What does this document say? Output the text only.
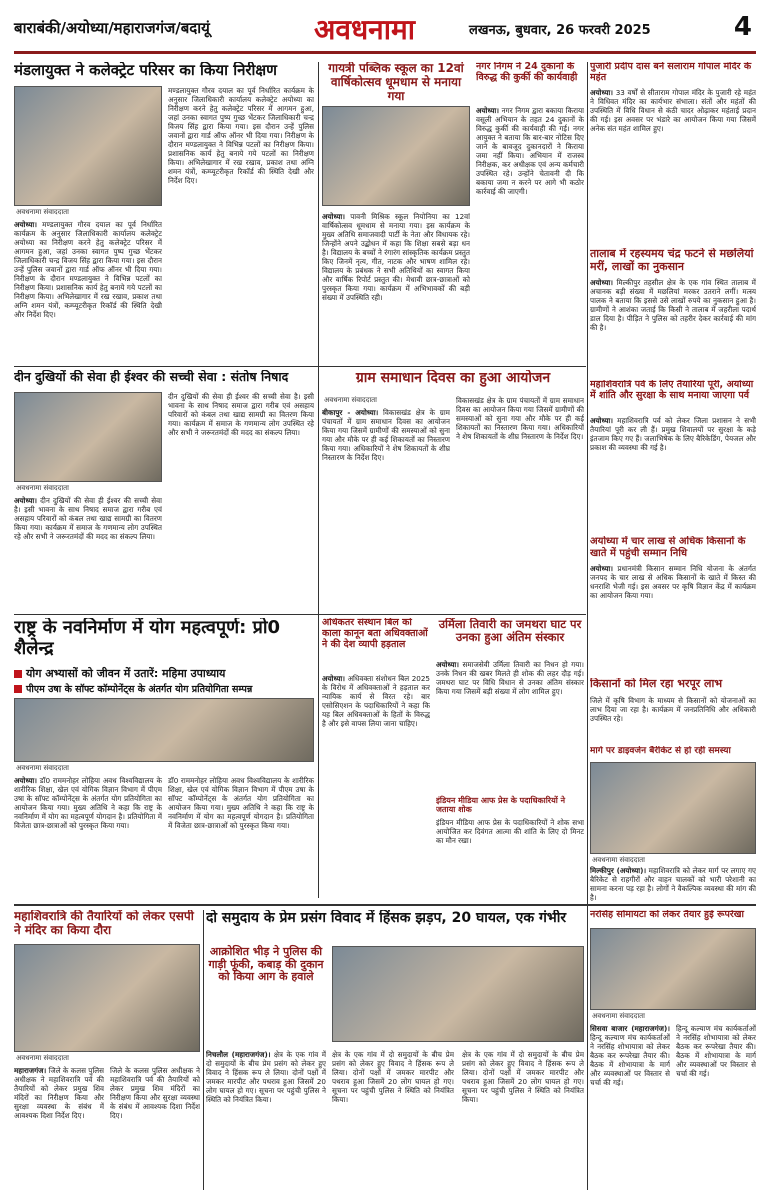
बाराबंकी/अयोध्या/महाराजगंज/बदायूं	अवधनामा	लखनऊ, बुधवार, 26 फरवरी 2025	4
मंडलायुक्त ने कलेक्ट्रेट परिसर का किया निरीक्षण
अवधनामा संवाददाता
अयोध्या। मण्डलायुक्त गौरव दयाल का पूर्व निर्धारित कार्यक्रम के अनुसार जिलाधिकारी कार्यालय कलेक्ट्रेट अयोध्या का निरीक्षण करने हेतु कलेक्ट्रेट परिसर में आगमन हुआ, जहां उनका स्वागत पुष्प गुच्छ भेंटकर जिलाधिकारी चन्द्र विजय सिंह द्वारा किया गया। इस दौरान उन्हें पुलिस जवानों द्वारा गार्ड ऑफ ऑनर भी दिया गया। निरीक्षण के दौरान मण्डलायुक्त ने विभिन्न पटलों का निरीक्षण किया। प्रशासनिक कार्य हेतु बनाये गये पटलों का निरीक्षण किया। अभिलेखागार में रख रखाव, प्रकाश तथा अग्नि शमन यंत्रों, कम्प्यूटरीकृत रिकॉर्ड की स्थिति देखी और निर्देश दिए।
मण्डलायुक्त गौरव दयाल का पूर्व निर्धारित कार्यक्रम के अनुसार जिलाधिकारी कार्यालय कलेक्ट्रेट अयोध्या का निरीक्षण करने हेतु कलेक्ट्रेट परिसर में आगमन हुआ, जहां उनका स्वागत पुष्प गुच्छ भेंटकर जिलाधिकारी चन्द्र विजय सिंह द्वारा किया गया। इस दौरान उन्हें पुलिस जवानों द्वारा गार्ड ऑफ ऑनर भी दिया गया। निरीक्षण के दौरान मण्डलायुक्त ने विभिन्न पटलों का निरीक्षण किया। प्रशासनिक कार्य हेतु बनाये गये पटलों का निरीक्षण किया। अभिलेखागार में रख रखाव, प्रकाश तथा अग्नि शमन यंत्रों, कम्प्यूटरीकृत रिकॉर्ड की स्थिति देखी और निर्देश दिए।
गायत्री पब्लिक स्कूल का 12वां वार्षिकोत्सव धूमधाम से मनाया गया
अयोध्या। पावनी मिश्रिक स्कूल नियोनिया का 12वां वार्षिकोत्सव धूमधाम से मनाया गया। इस कार्यक्रम के मुख्य अतिथि समाजवादी पार्टी के नेता और विधायक रहे। जिन्होंने अपने उद्बोधन में कहा कि शिक्षा सबसे बड़ा धन है। विद्यालय के बच्चों ने रंगारंग सांस्कृतिक कार्यक्रम प्रस्तुत किए जिनमें नृत्य, गीत, नाटक और भाषण शामिल रहे। विद्यालय के प्रबंधक ने सभी अतिथियों का स्वागत किया और वार्षिक रिपोर्ट प्रस्तुत की। मेधावी छात्र-छात्राओं को पुरस्कृत किया गया। कार्यक्रम में अभिभावकों की बड़ी संख्या में उपस्थिति रही।
नगर निगम ने 24 दुकानों के विरुद्ध की कुर्की की कार्यवाही
अयोध्या। नगर निगम द्वारा बकाया किराया वसूली अभियान के तहत 24 दुकानों के विरुद्ध कुर्की की कार्यवाही की गई। नगर आयुक्त ने बताया कि बार-बार नोटिस दिए जाने के बावजूद दुकानदारों ने किराया जमा नहीं किया। अभियान में राजस्व निरीक्षक, कर अधीक्षक एवं अन्य कर्मचारी उपस्थित रहे। उन्होंने चेतावनी दी कि बकाया जमा न करने पर आगे भी कठोर कार्रवाई की जाएगी।
पुजारी प्रदीप दास बने सलाराम गोपाल मंदिर के महंत
अयोध्या। 33 वर्षों से सीताराम गोपाल मंदिर के पुजारी रहे महंत ने विधिवत मंदिर का कार्यभार संभाला। संतों और महंतों की उपस्थिति में विधि विधान से कंठी चादर ओढ़ाकर महंताई प्रदान की गई। इस अवसर पर भंडारे का आयोजन किया गया जिसमें अनेक संत महंत शामिल हुए।
तालाब में रहस्यमय चंद्र फटने से मछलियां मरीं, लाखों का नुकसान
अयोध्या। मिल्कीपुर तहसील क्षेत्र के एक गांव स्थित तालाब में अचानक बड़ी संख्या में मछलियां मरकर उतराने लगीं। मत्स्य पालक ने बताया कि इससे उसे लाखों रुपये का नुकसान हुआ है। ग्रामीणों ने आशंका जताई कि किसी ने तालाब में जहरीला पदार्थ डाल दिया है। पीड़ित ने पुलिस को तहरीर देकर कार्रवाई की मांग की है।
महाशिवरात्रि पर्व के लिए तैयारियां पूरी, अयोध्या में शांति और सुरक्षा के साथ मनाया जाएगा पर्व
अयोध्या। महाशिवरात्रि पर्व को लेकर जिला प्रशासन ने सभी तैयारियां पूरी कर ली हैं। प्रमुख शिवालयों पर सुरक्षा के कड़े इंतजाम किए गए हैं। जलाभिषेक के लिए बैरिकेडिंग, पेयजल और प्रकाश की व्यवस्था की गई है।
अयोध्या में चार लाख से अधिक किसानों के खाते में पहुंची सम्मान निधि
अयोध्या। प्रधानमंत्री किसान सम्मान निधि योजना के अंतर्गत जनपद के चार लाख से अधिक किसानों के खाते में किस्त की धनराशि भेजी गई। इस अवसर पर कृषि विज्ञान केंद्र में कार्यक्रम का आयोजन किया गया।
किसानों को मिल रहा भरपूर लाभ
जिले में कृषि विभाग के माध्यम से किसानों को योजनाओं का लाभ दिया जा रहा है। कार्यक्रम में जनप्रतिनिधि और अधिकारी उपस्थित रहे।
मार्ग पर डाइवर्जन बैरीकेट से हो रही समस्या
अवधनामा संवाददाता
मिल्कीपुर (अयोध्या)। महाशिवरात्रि को लेकर मार्ग पर लगाए गए बैरिकेट से राहगीरों और वाहन चालकों को भारी परेशानी का सामना करना पड़ रहा है। लोगों ने वैकल्पिक व्यवस्था की मांग की है।
दीन दुखियों की सेवा ही ईश्वर की सच्ची सेवा : संतोष निषाद
अवधनामा संवाददाता
अयोध्या। दीन दुखियों की सेवा ही ईश्वर की सच्ची सेवा है। इसी भावना के साथ निषाद समाज द्वारा गरीब एवं असहाय परिवारों को कंबल तथा खाद्य सामग्री का वितरण किया गया। कार्यक्रम में समाज के गणमान्य लोग उपस्थित रहे और सभी ने जरूरतमंदों की मदद का संकल्प लिया।
दीन दुखियों की सेवा ही ईश्वर की सच्ची सेवा है। इसी भावना के साथ निषाद समाज द्वारा गरीब एवं असहाय परिवारों को कंबल तथा खाद्य सामग्री का वितरण किया गया। कार्यक्रम में समाज के गणमान्य लोग उपस्थित रहे और सभी ने जरूरतमंदों की मदद का संकल्प लिया।
ग्राम समाधान दिवस का हुआ आयोजन
अवधनामा संवाददाता
बीकापुर - अयोध्या। विकासखंड क्षेत्र के ग्राम पंचायतों में ग्राम समाधान दिवस का आयोजन किया गया जिसमें ग्रामीणों की समस्याओं को सुना गया और मौके पर ही कई शिकायतों का निस्तारण किया गया। अधिकारियों ने शेष शिकायतों के शीघ्र निस्तारण के निर्देश दिए।
विकासखंड क्षेत्र के ग्राम पंचायतों में ग्राम समाधान दिवस का आयोजन किया गया जिसमें ग्रामीणों की समस्याओं को सुना गया और मौके पर ही कई शिकायतों का निस्तारण किया गया। अधिकारियों ने शेष शिकायतों के शीघ्र निस्तारण के निर्देश दिए।
राष्ट्र के नवनिर्माण में योग महत्वपूर्ण: प्रो0 शैलेन्द्र
योग अभ्यासों को जीवन में उतारें: महिमा उपाध्याय
पीएम उषा के सॉफ्ट कॉम्पोनेंट्स के अंतर्गत योग प्रतियोगिता सम्पन्न
अवधनामा संवाददाता
अयोध्या। डॉ0 राममनोहर लोहिया अवध विश्वविद्यालय के शारीरिक शिक्षा, खेल एवं योगिक विज्ञान विभाग में पीएम उषा के सॉफ्ट कॉम्पोनेंट्स के अंतर्गत योग प्रतियोगिता का आयोजन किया गया। मुख्य अतिथि ने कहा कि राष्ट्र के नवनिर्माण में योग का महत्वपूर्ण योगदान है। प्रतियोगिता में विजेता छात्र-छात्राओं को पुरस्कृत किया गया।
डॉ0 राममनोहर लोहिया अवध विश्वविद्यालय के शारीरिक शिक्षा, खेल एवं योगिक विज्ञान विभाग में पीएम उषा के सॉफ्ट कॉम्पोनेंट्स के अंतर्गत योग प्रतियोगिता का आयोजन किया गया। मुख्य अतिथि ने कहा कि राष्ट्र के नवनिर्माण में योग का महत्वपूर्ण योगदान है। प्रतियोगिता में विजेता छात्र-छात्राओं को पुरस्कृत किया गया।
अधिकतर संस्थान बिल को काला कानून बता अधिवक्ताओं ने की देश व्यापी हड़ताल
अयोध्या। अधिवक्ता संशोधन बिल 2025 के विरोध में अधिवक्ताओं ने हड़ताल कर न्यायिक कार्य से विरत रहे। बार एसोसिएशन के पदाधिकारियों ने कहा कि यह बिल अधिवक्ताओं के हितों के विरुद्ध है और इसे वापस लिया जाना चाहिए।
उर्मिला तिवारी का जमथरा घाट पर उनका हुआ अंतिम संस्कार
अयोध्या। समाजसेवी उर्मिला तिवारी का निधन हो गया। उनके निधन की खबर मिलते ही शोक की लहर दौड़ गई। जमथरा घाट पर विधि विधान से उनका अंतिम संस्कार किया गया जिसमें बड़ी संख्या में लोग शामिल हुए।
इंडियन मीडिया आफ प्रेस के पदाधिकारियों ने जताया शोक
इंडियन मीडिया आफ प्रेस के पदाधिकारियों ने शोक सभा आयोजित कर दिवंगत आत्मा की शांति के लिए दो मिनट का मौन रखा।
महाशिवरात्रि की तैयारियों को लेकर एसपी ने मंदिर का किया दौरा
अवधनामा संवाददाता
महाराजगंज। जिले के कलस पुलिस अधीक्षक ने महाशिवरात्रि पर्व की तैयारियों को लेकर प्रमुख शिव मंदिरों का निरीक्षण किया और सुरक्षा व्यवस्था के संबंध में आवश्यक दिशा निर्देश दिए।
जिले के कलस पुलिस अधीक्षक ने महाशिवरात्रि पर्व की तैयारियों को लेकर प्रमुख शिव मंदिरों का निरीक्षण किया और सुरक्षा व्यवस्था के संबंध में आवश्यक दिशा निर्देश दिए।
दो समुदाय के प्रेम प्रसंग विवाद में हिंसक झड़प, 20 घायल, एक गंभीर
आक्रोशित भीड़ ने पुलिस की गाड़ी फूंकी, कबाड़ की दुकान को किया आग के हवाले
निचलौल (महाराजगंज)। क्षेत्र के एक गांव में दो समुदायों के बीच प्रेम प्रसंग को लेकर हुए विवाद ने हिंसक रूप ले लिया। दोनों पक्षों में जमकर मारपीट और पथराव हुआ जिसमें 20 लोग घायल हो गए। सूचना पर पहुंची पुलिस ने स्थिति को नियंत्रित किया।
क्षेत्र के एक गांव में दो समुदायों के बीच प्रेम प्रसंग को लेकर हुए विवाद ने हिंसक रूप ले लिया। दोनों पक्षों में जमकर मारपीट और पथराव हुआ जिसमें 20 लोग घायल हो गए। सूचना पर पहुंची पुलिस ने स्थिति को नियंत्रित किया।
क्षेत्र के एक गांव में दो समुदायों के बीच प्रेम प्रसंग को लेकर हुए विवाद ने हिंसक रूप ले लिया। दोनों पक्षों में जमकर मारपीट और पथराव हुआ जिसमें 20 लोग घायल हो गए। सूचना पर पहुंची पुलिस ने स्थिति को नियंत्रित किया।
नरसिंह सोमायटा को लेकर तैयार हुई रूपरेखा
अवधनामा संवाददाता
सिसवा बाजार (महाराजगंज)। हिन्दू कल्याण मंच कार्यकर्ताओं ने नरसिंह शोभायात्रा को लेकर बैठक कर रूपरेखा तैयार की। बैठक में शोभायात्रा के मार्ग और व्यवस्थाओं पर विस्तार से चर्चा की गई।
हिन्दू कल्याण मंच कार्यकर्ताओं ने नरसिंह शोभायात्रा को लेकर बैठक कर रूपरेखा तैयार की। बैठक में शोभायात्रा के मार्ग और व्यवस्थाओं पर विस्तार से चर्चा की गई।
